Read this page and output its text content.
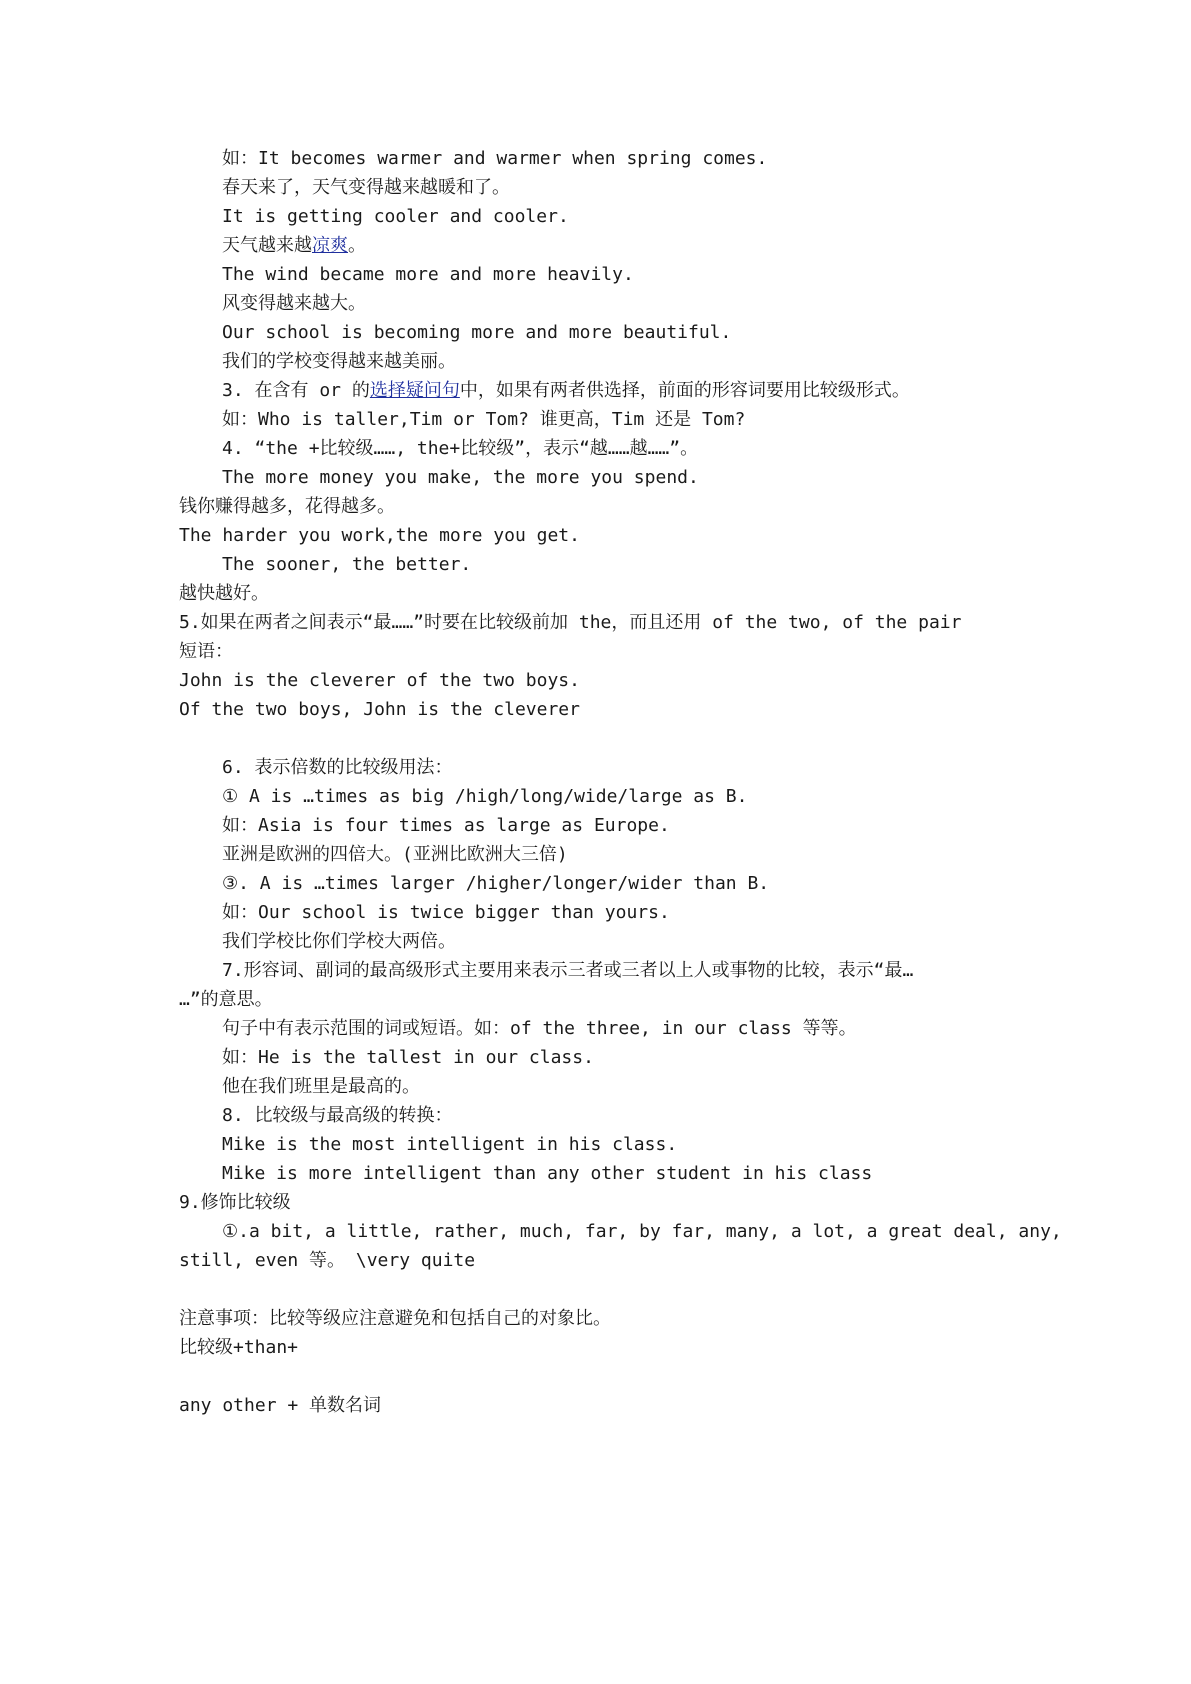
如：It becomes warmer and warmer when spring comes.

春天来了，天气变得越来越暖和了。

It is getting cooler and cooler.

天气越来越凉爽。

The wind became more and more heavily.

风变得越来越大。

Our school is becoming more and more beautiful.

我们的学校变得越来越美丽。

3. 在含有 or 的选择疑问句中，如果有两者供选择，前面的形容词要用比较级形式。

如：Who is taller,Tim or Tom? 谁更高，Tim 还是 Tom?

4. “the +比较级……, the+比较级”，表示“越……越……”。

The more money you make, the more you spend.

钱你赚得越多，花得越多。

The harder you work,the more you get.

The sooner, the better.

越快越好。

5.如果在两者之间表示“最……”时要在比较级前加 the，而且还用 of the two, of the pair

短语：

John is the cleverer of the two boys.

Of the two boys, John is the cleverer

6. 表示倍数的比较级用法：

① A is …times as big /high/long/wide/large as B.

如：Asia is four times as large as Europe.

亚洲是欧洲的四倍大。(亚洲比欧洲大三倍)

③. A is …times larger /higher/longer/wider than B.

如：Our school is twice bigger than yours.

我们学校比你们学校大两倍。

7.形容词、副词的最高级形式主要用来表示三者或三者以上人或事物的比较，表示“最…

…”的意思。

句子中有表示范围的词或短语。如：of the three, in our class 等等。

如：He is the tallest in our class.

他在我们班里是最高的。

8. 比较级与最高级的转换：

Mike is the most intelligent in his class.

Mike is more intelligent than any other student in his class

9.修饰比较级

①.a bit, a little, rather, much, far, by far, many, a lot, a great deal, any,

still, even 等。 \very quite

注意事项：比较等级应注意避免和包括自己的对象比。

比较级+than+

any other + 单数名词
